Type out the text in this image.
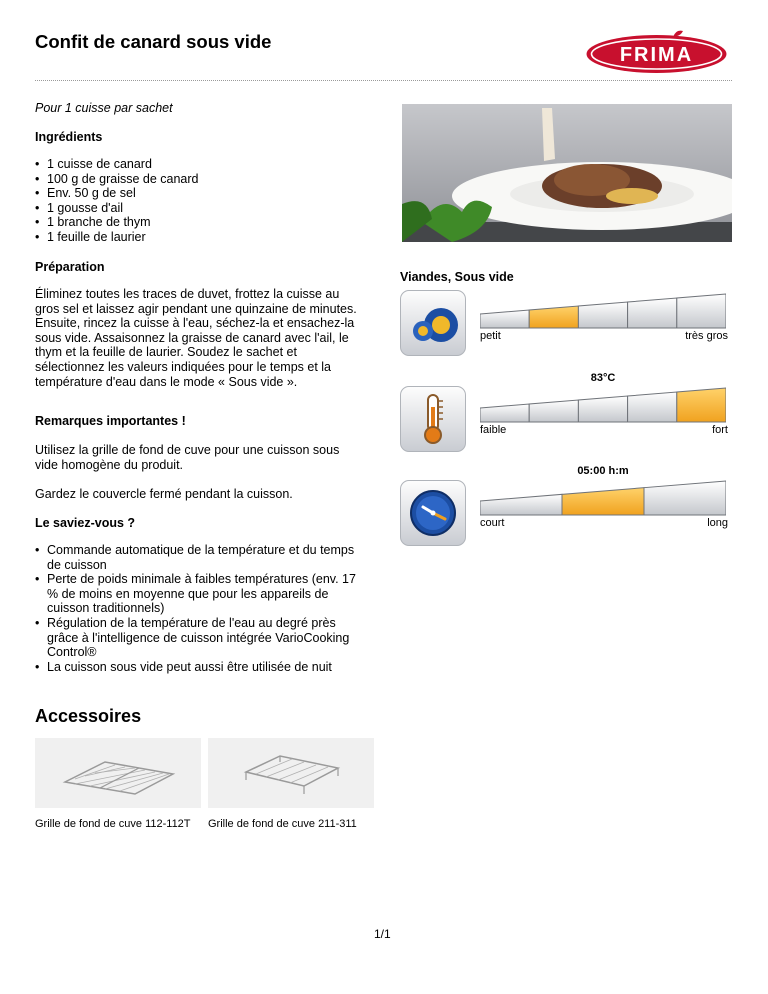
Confit de canard sous vide
FRIMA
Pour 1 cuisse par sachet
Ingrédients
• 1 cuisse de canard
• 100 g de graisse de canard
• Env. 50 g de sel
• 1 gousse d'ail
• 1 branche de thym
• 1 feuille de laurier
Préparation
Éliminez toutes les traces de duvet, frottez la cuisse au gros sel et laissez agir pendant une quinzaine de minutes. Ensuite, rincez la cuisse à l'eau, séchez-la et ensachez-la sous vide. Assaisonnez la graisse de canard avec l'ail, le thym et la feuille de laurier. Soudez le sachet et sélectionnez les valeurs indiquées pour le temps et la température d'eau dans le mode « Sous vide ».
Remarques importantes !
Utilisez la grille de fond de cuve pour une cuisson sous vide homogène du produit.
Gardez le couvercle fermé pendant la cuisson.
Le saviez-vous ?
• Commande automatique de la température et du temps de cuisson
• Perte de poids minimale à faibles températures (env. 17 % de moins en moyenne que pour les appareils de cuisson traditionnels)
• Régulation de la température de l'eau au degré près grâce à l'intelligence de cuisson intégrée VarioCooking Control®
• La cuisson sous vide peut aussi être utilisée de nuit
Viandes, Sous vide
petit	très gros
83°C
faible	fort
05:00 h:m
court	long
Accessoires
Grille de fond de cuve 112-112T Grille de fond de cuve 211-311
1/1
